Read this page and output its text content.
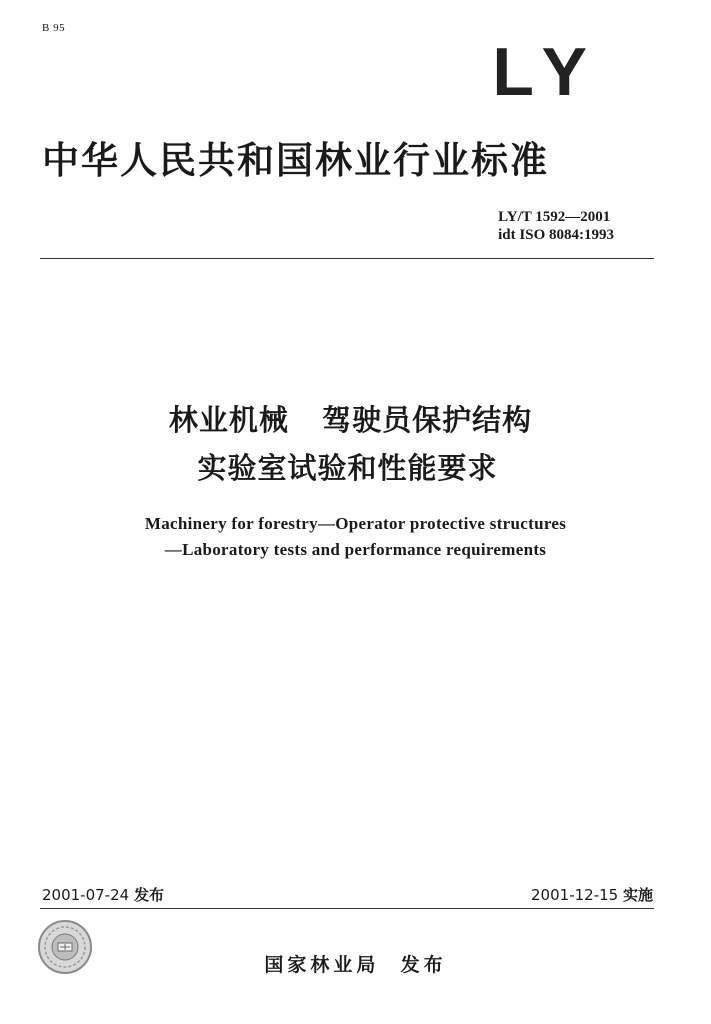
B 95
LY
中华人民共和国林业行业标准
LY/T 1592—2001
idt ISO 8084:1993
林业机械   驾驶员保护结构
实验室试验和性能要求
Machinery for forestry—Operator protective structures
—Laboratory tests and performance requirements
2001-07-24 发布	2001-12-15 实施
国家林业局  发布
